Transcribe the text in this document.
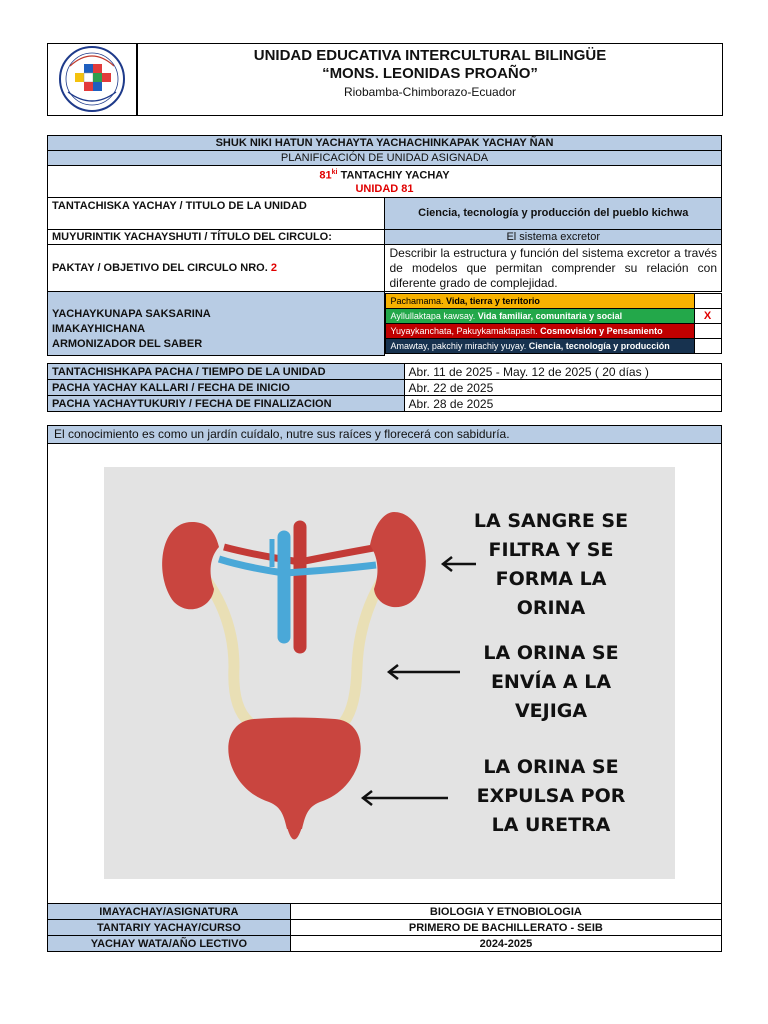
UNIDAD EDUCATIVA INTERCULTURAL BILINGÜE
“MONS. LEONIDAS PROAÑO”
Riobamba-Chimborazo-Ecuador
SHUK NIKI HATUN YACHAYTA YACHACHINKAPAK YACHAY ÑAN
PLANIFICACIÓN DE UNIDAD ASIGNADA
$81^{ki}$ TANTACHIY YACHAY
UNIDAD 81
TANTACHISKA YACHAY / TITULO DE LA UNIDAD	Ciencia, tecnología y producción del pueblo kichwa
MUYURINTIK YACHAYSHUTI / TÍTULO DEL CIRCULO:	El sistema excretor
PAKTAY / OBJETIVO DEL CIRCULO NRO. 2	Describir la estructura y función del sistema excretor a través de modelos que permitan comprender su relación con diferente grado de complejidad.

YACHAYKUNAPA SAKSARINA
IMAKAYHICHANA
ARMONIZADOR DEL SABER

Pachamama. Vida, tierra y territorio	
Ayllullaktapa kawsay. Vida familiar, comunitaria y social	X
Yuyaykanchata, Pakuykamaktapash. Cosmovisión y Pensamiento	
Amawtay, pakchiy mirachiy yuyay. Ciencia, tecnología y producción	
TANTACHISHKAPA PACHA / TIEMPO DE LA UNIDAD	Abr. 11 de 2025 - May. 12 de 2025 ( 20 días )
PACHA YACHAY KALLARI / FECHA DE INICIO	Abr. 22 de 2025
PACHA YACHAYTUKURIY / FECHA DE FINALIZACION	Abr. 28 de 2025
El conocimiento es como un jardín cuídalo, nutre sus raíces y florecerá con sabiduría.
LA SANGRE SE
FILTRA Y SE
FORMA LA
ORINA
LA ORINA SE
ENVÍA A LA
VEJIGA
LA ORINA SE
EXPULSA POR
LA URETRA
IMAYACHAY/ASIGNATURA	BIOLOGIA Y ETNOBIOLOGIA
TANTARIY YACHAY/CURSO	PRIMERO DE BACHILLERATO - SEIB
YACHAY WATA/AÑO LECTIVO	2024-2025
